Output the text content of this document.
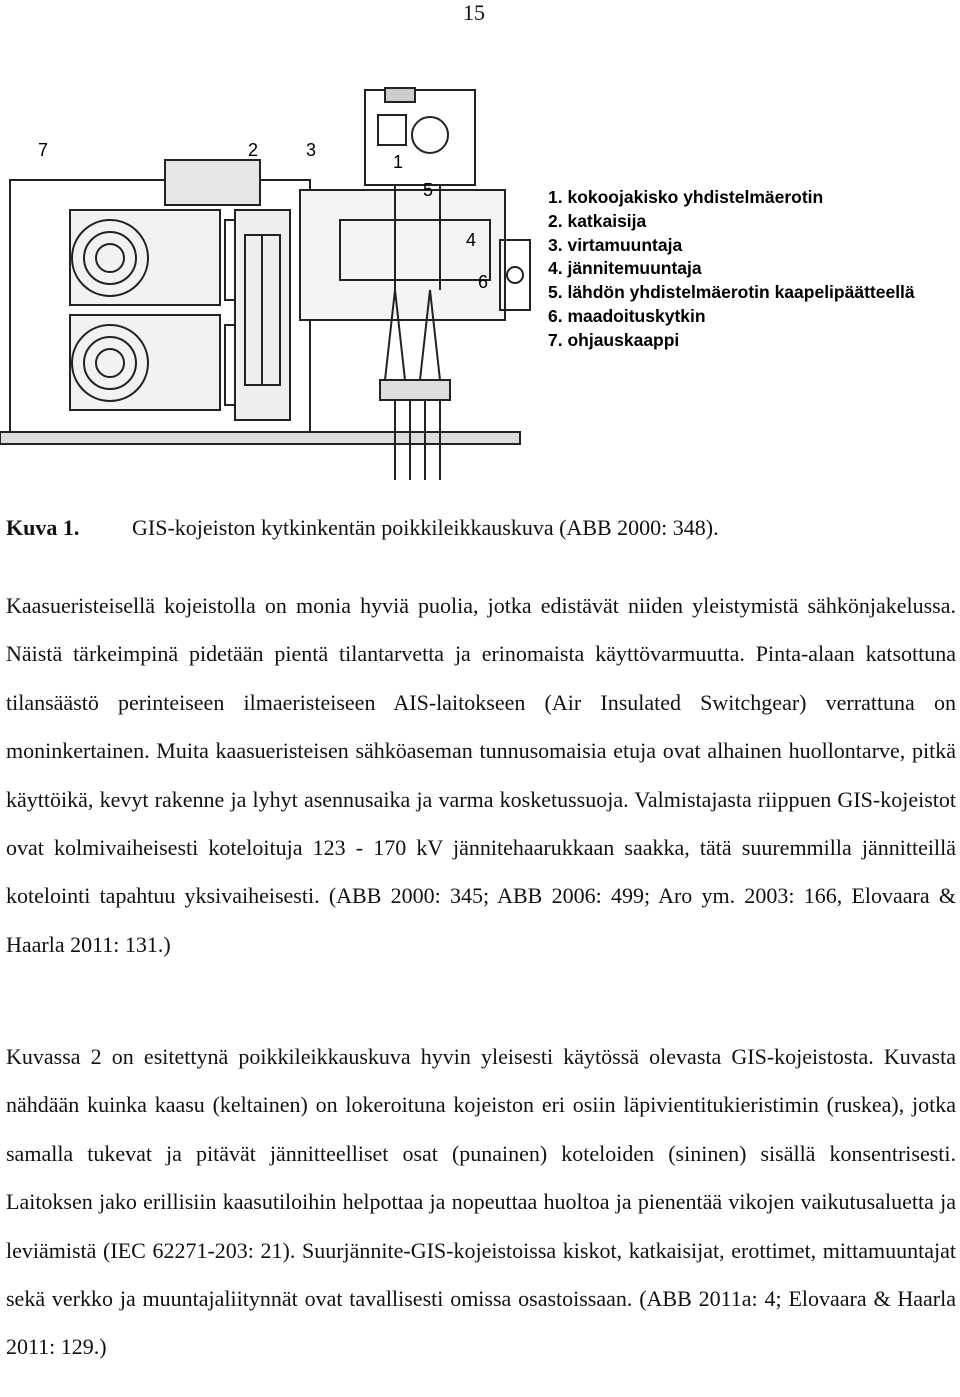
15
7	2	3
1
5
4
6
1. kokoojakisko yhdistelmäerotin
2. katkaisija
3. virtamuuntaja
4. jännitemuuntaja
5. lähdön yhdistelmäerotin kaapelipäätteellä
6. maadoituskytkin
7. ohjauskaappi
Kuva 1. GIS-kojeiston kytkinkentän poikkileikkauskuva (ABB 2000: 348).

Kaasueristeisellä kojeistolla on monia hyviä puolia, jotka edistävät niiden yleistymistä sähkönjakelussa. Näistä tärkeimpinä pidetään pientä tilantarvetta ja erinomaista käyttövarmuutta. Pinta-alaan katsottuna tilansäästö perinteiseen ilmaeristeiseen AIS-laitokseen (Air Insulated Switchgear) verrattuna on moninkertainen. Muita kaasueristeisen sähköaseman tunnusomaisia etuja ovat alhainen huollontarve, pitkä käyttöikä, kevyt rakenne ja lyhyt asennusaika ja varma kosketussuoja. Valmistajasta riippuen GIS-kojeistot ovat kolmivaiheisesti koteloituja 123 - 170 kV jännitehaarukkaan saakka, tätä suuremmilla jännitteillä kotelointi tapahtuu yksivaiheisesti. (ABB 2000: 345; ABB 2006: 499; Aro ym. 2003: 166, Elovaara & Haarla 2011: 131.)

Kuvassa 2 on esitettynä poikkileikkauskuva hyvin yleisesti käytössä olevasta GIS-kojeistosta. Kuvasta nähdään kuinka kaasu (keltainen) on lokeroituna kojeiston eri osiin läpivientitukieristimin (ruskea), jotka samalla tukevat ja pitävät jännitteelliset osat (punainen) koteloiden (sininen) sisällä konsentrisesti. Laitoksen jako erillisiin kaasutiloihin helpottaa ja nopeuttaa huoltoa ja pienentää vikojen vaikutusaluetta ja leviämistä (IEC 62271-203: 21). Suurjännite-GIS-kojeistoissa kiskot, katkaisijat, erottimet, mittamuuntajat sekä verkko ja muuntajaliitynnät ovat tavallisesti omissa osastoissaan. (ABB 2011a: 4; Elovaara & Haarla 2011: 129.)
